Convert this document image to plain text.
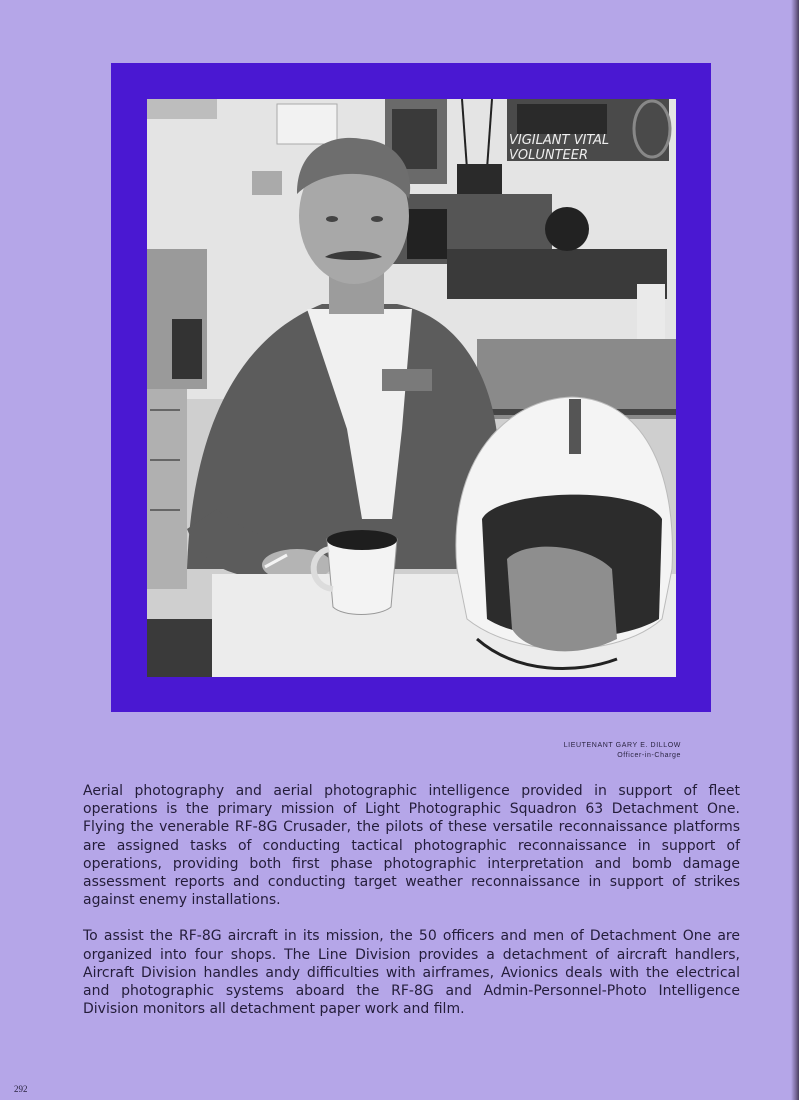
VIGILANT VITAL
VOLUNTEER
LIEUTENANT GARY E. DILLOW
Officer-in-Charge

Aerial photography and aerial photographic intelligence provided in support of fleet operations is the primary mission of Light Photographic Squadron 63 Detachment One. Flying the venerable RF-8G Crusader, the pilots of these versatile reconnaissance platforms are assigned tasks of conducting tactical photographic reconnaissance in support of operations, providing both first phase photographic interpretation and bomb damage assessment reports and conducting target weather reconnaissance in support of strikes against enemy installations.

To assist the RF-8G aircraft in its mission, the 50 officers and men of Detachment One are organized into four shops. The Line Division provides a detachment of aircraft handlers, Aircraft Division handles andy difficulties with airframes, Avionics deals with the electrical and photographic systems aboard the RF-8G and Admin-Personnel-Photo Intelligence Division monitors all detachment paper work and film.

292
